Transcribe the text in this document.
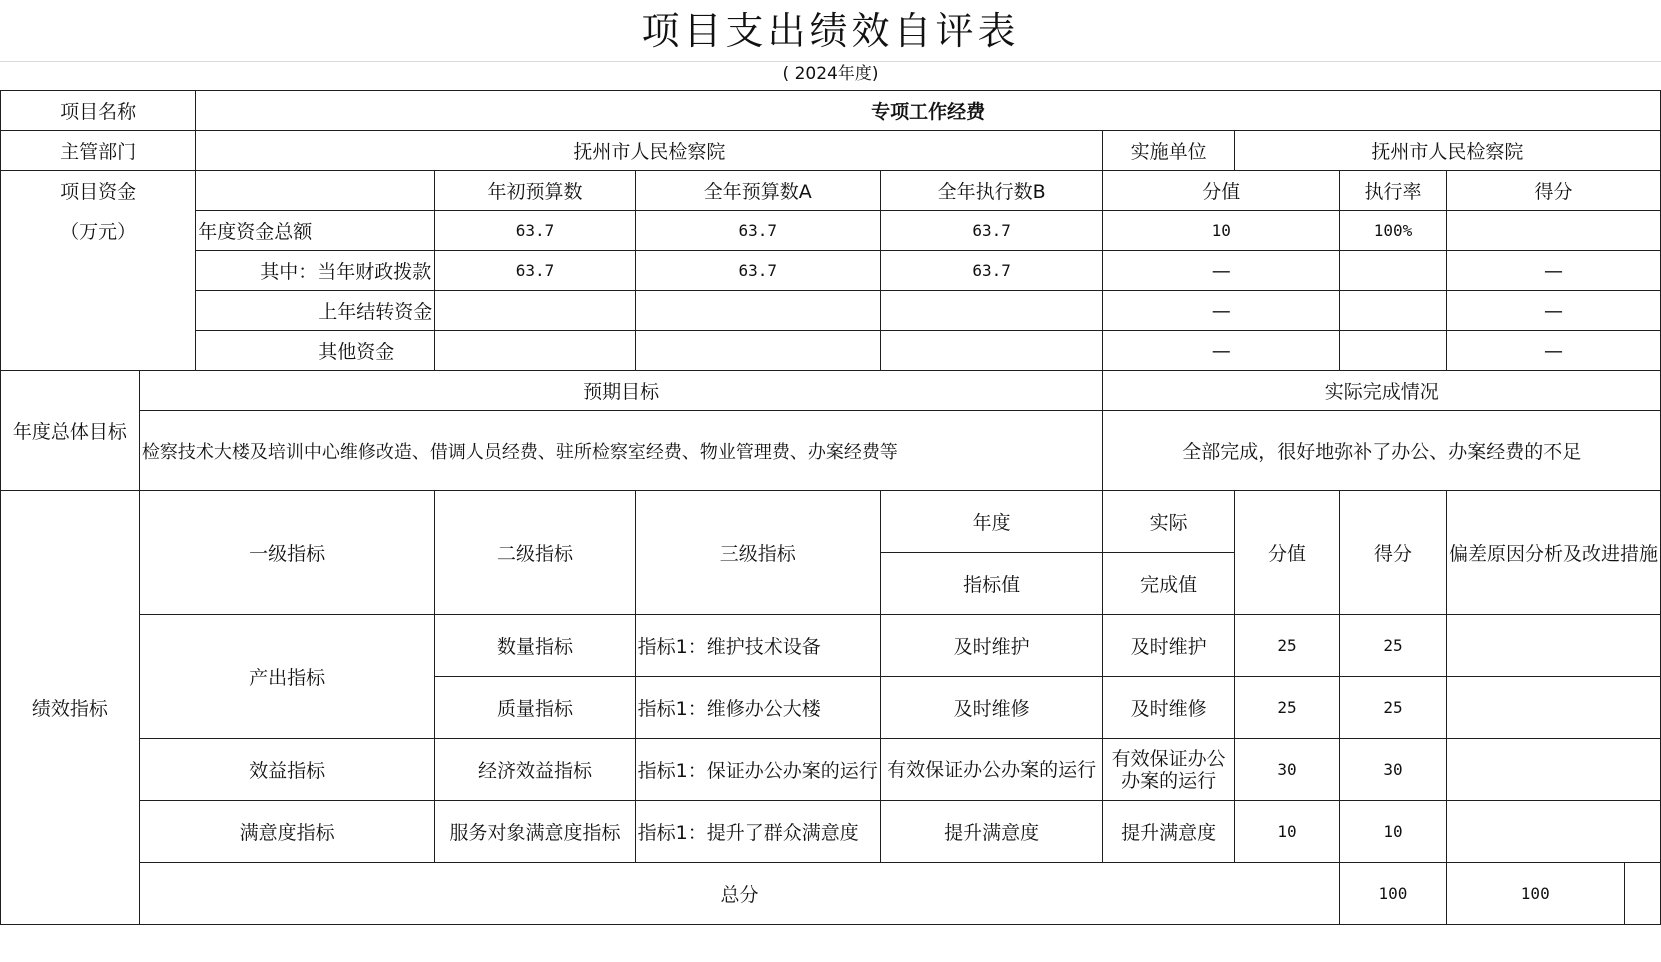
项目支出绩效自评表
( 2024年度)
项目名称		专项工作经费								
主管部门		抚州市人民检察院				实施单位	抚州市人民检察院			
项目资金			年初预算数	全年预算数A	全年执行数B	分值		执行率	得分	
（万元）		年度资金总额	63.7	63.7	63.7	10		100%		
		其中：当年财政拨款	63.7	63.7	63.7	—			—	
		上年结转资金				—			—	
		其他资金				—			—	
年度总体目标	预期目标					实际完成情况				
	检察技术大楼及培训中心维修改造、借调人员经费、驻所检察室经费、物业管理费、办案经费等					全部完成，很好地弥补了办公、办案经费的不足				
绩效指标	一级指标		二级指标	三级指标	年度	实际	分值	得分	偏差原因分析及改进措施	
					指标值	完成值				
	产出指标		数量指标	指标1：维护技术设备	及时维护	及时维护	25	25		
			质量指标	指标1：维修办公大楼	及时维修	及时维修	25	25		
	效益指标		经济效益指标	指标1：保证办公办案的运行	有效保证办公办案的运行	有效保证办公办案的运行	30	30		
	满意度指标		服务对象满意度指标	指标1：提升了群众满意度	提升满意度	提升满意度	10	10		
	总分							100	100	
